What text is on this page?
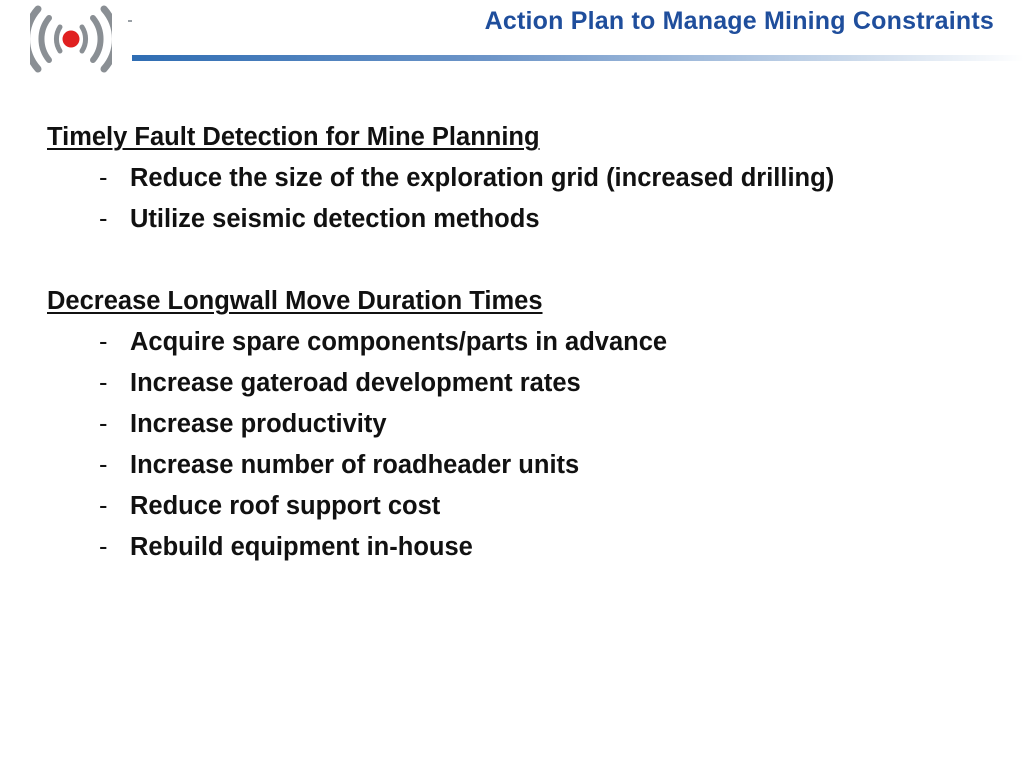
Action Plan to Manage Mining Constraints
Timely Fault Detection for Mine Planning
- Reduce the size of the exploration grid (increased drilling)
- Utilize seismic detection methods
Decrease Longwall Move Duration Times
- Acquire spare components/parts in advance
- Increase gateroad development rates
- Increase productivity
- Increase number of roadheader units
- Reduce roof support cost
- Rebuild equipment in-house
